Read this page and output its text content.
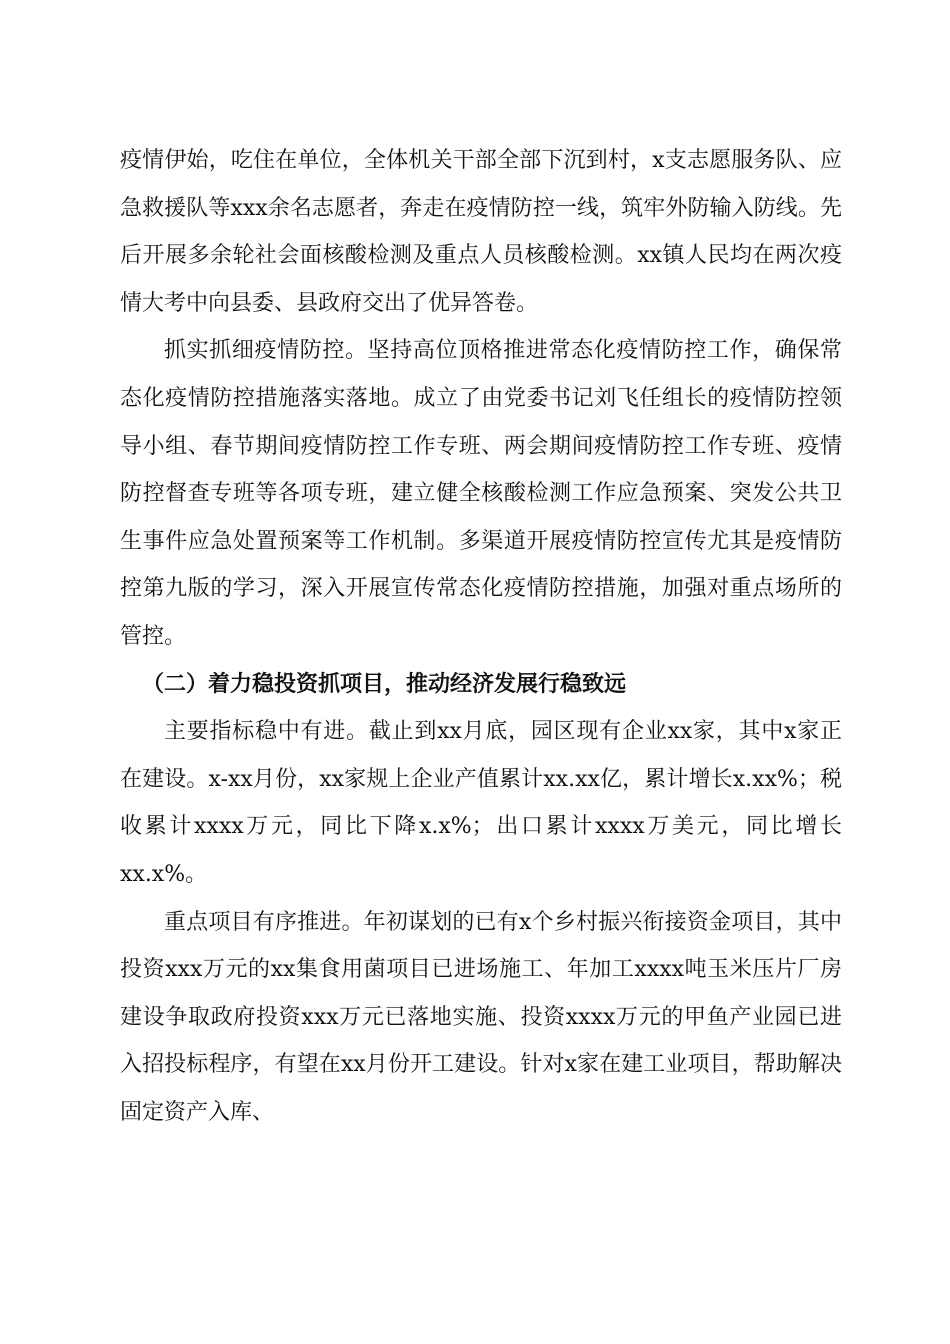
疫情伊始，吃住在单位，全体机关干部全部下沉到村，x支志愿服务队、应急救援队等xxx余名志愿者，奔走在疫情防控一线，筑牢外防输入防线。先后开展多余轮社会面核酸检测及重点人员核酸检测。xx镇人民均在两次疫情大考中向县委、县政府交出了优异答卷。

抓实抓细疫情防控。坚持高位顶格推进常态化疫情防控工作，确保常态化疫情防控措施落实落地。成立了由党委书记刘飞任组长的疫情防控领导小组、春节期间疫情防控工作专班、两会期间疫情防控工作专班、疫情防控督查专班等各项专班，建立健全核酸检测工作应急预案、突发公共卫生事件应急处置预案等工作机制。多渠道开展疫情防控宣传尤其是疫情防控第九版的学习，深入开展宣传常态化疫情防控措施，加强对重点场所的管控。

（二）着力稳投资抓项目，推动经济发展行稳致远

主要指标稳中有进。截止到xx月底，园区现有企业xx家，其中x家正在建设。x-xx月份，xx家规上企业产值累计xx.xx亿，累计增长x.xx%；税收累计xxxx万元，同比下降x.x%；出口累计xxxx万美元，同比增长xx.x%。

重点项目有序推进。年初谋划的已有x个乡村振兴衔接资金项目，其中投资xxx万元的xx集食用菌项目已进场施工、年加工xxxx吨玉米压片厂房建设争取政府投资xxx万元已落地实施、投资xxxx万元的甲鱼产业园已进入招投标程序，有望在xx月份开工建设。针对x家在建工业项目，帮助解决固定资产入库、
